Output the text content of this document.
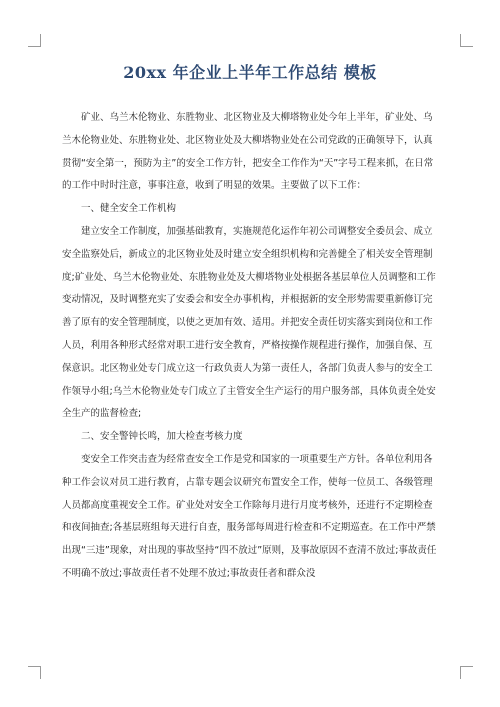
20xx 年企业上半年工作总结 模板

矿业、乌兰木伦物业、东胜物业、北区物业及大柳塔物业处今年上半年，矿业处、乌兰木伦物业处、东胜物业处、北区物业处及大柳塔物业处在公司党政的正确领导下，认真贯彻“安全第一，预防为主”的安全工作方针，把安全工作作为“天”字号工程来抓，在日常的工作中时时注意，事事注意，收到了明显的效果。主要做了以下工作：

一、健全安全工作机构

建立安全工作制度，加强基础教育，实施规范化运作年初公司调整安全委员会、成立安全监察处后，新成立的北区物业处及时建立安全组织机构和完善健全了相关安全管理制度;矿业处、乌兰木伦物业处、东胜物业处及大柳塔物业处根据各基层单位人员调整和工作变动情况，及时调整充实了安委会和安全办事机构，并根据新的安全形势需要重新修订完善了原有的安全管理制度，以使之更加有效、适用。并把安全责任切实落实到岗位和工作人员，利用各种形式经常对职工进行安全教育，严格按操作规程进行操作，加强自保、互保意识。北区物业处专门成立这一行政负责人为第一责任人，各部门负责人参与的安全工作领导小组;乌兰木伦物业处专门成立了主管安全生产运行的用户服务部，具体负责全处安全生产的监督检查;

二、安全警钟长鸣，加大检查考核力度

变安全工作突击查为经常查安全工作是党和国家的一项重要生产方针。各单位利用各种工作会议对员工进行教育，占靠专题会议研究布置安全工作，使每一位员工、各级管理人员都高度重视安全工作。矿业处对安全工作除每月进行月度考核外，还进行不定期检查和夜间抽查;各基层班组每天进行自查，服务部每周进行检查和不定期巡查。在工作中严禁出现“三违”现象，对出现的事故坚持“四不放过”原则，及事故原因不查清不放过;事故责任不明确不放过;事故责任者不处理不放过;事故责任者和群众没
